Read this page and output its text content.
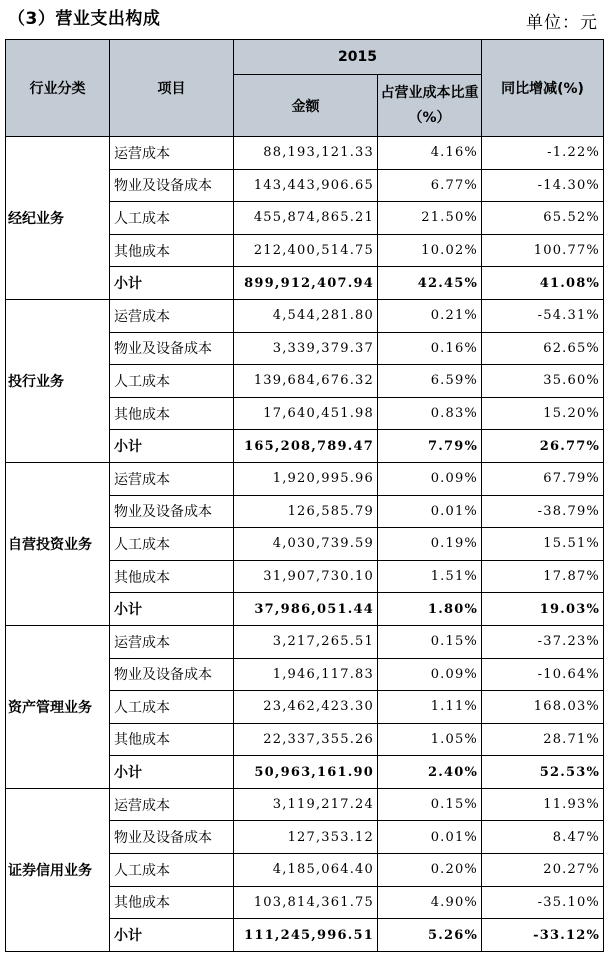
（3）营业支出构成	单位：元
行业分类	项目	2015		同比增减(%)
		金额	占营业成本比重（%）	
经纪业务	运营成本	88,193,121.33	4.16%	-1.22%
	物业及设备成本	143,443,906.65	6.77%	-14.30%
	人工成本	455,874,865.21	21.50%	65.52%
	其他成本	212,400,514.75	10.02%	100.77%
	小计	899,912,407.94	42.45%	41.08%
投行业务	运营成本	4,544,281.80	0.21%	-54.31%
	物业及设备成本	3,339,379.37	0.16%	62.65%
	人工成本	139,684,676.32	6.59%	35.60%
	其他成本	17,640,451.98	0.83%	15.20%
	小计	165,208,789.47	7.79%	26.77%
自营投资业务	运营成本	1,920,995.96	0.09%	67.79%
	物业及设备成本	126,585.79	0.01%	-38.79%
	人工成本	4,030,739.59	0.19%	15.51%
	其他成本	31,907,730.10	1.51%	17.87%
	小计	37,986,051.44	1.80%	19.03%
资产管理业务	运营成本	3,217,265.51	0.15%	-37.23%
	物业及设备成本	1,946,117.83	0.09%	-10.64%
	人工成本	23,462,423.30	1.11%	168.03%
	其他成本	22,337,355.26	1.05%	28.71%
	小计	50,963,161.90	2.40%	52.53%
证券信用业务	运营成本	3,119,217.24	0.15%	11.93%
	物业及设备成本	127,353.12	0.01%	8.47%
	人工成本	4,185,064.40	0.20%	20.27%
	其他成本	103,814,361.75	4.90%	-35.10%
	小计	111,245,996.51	5.26%	-33.12%
